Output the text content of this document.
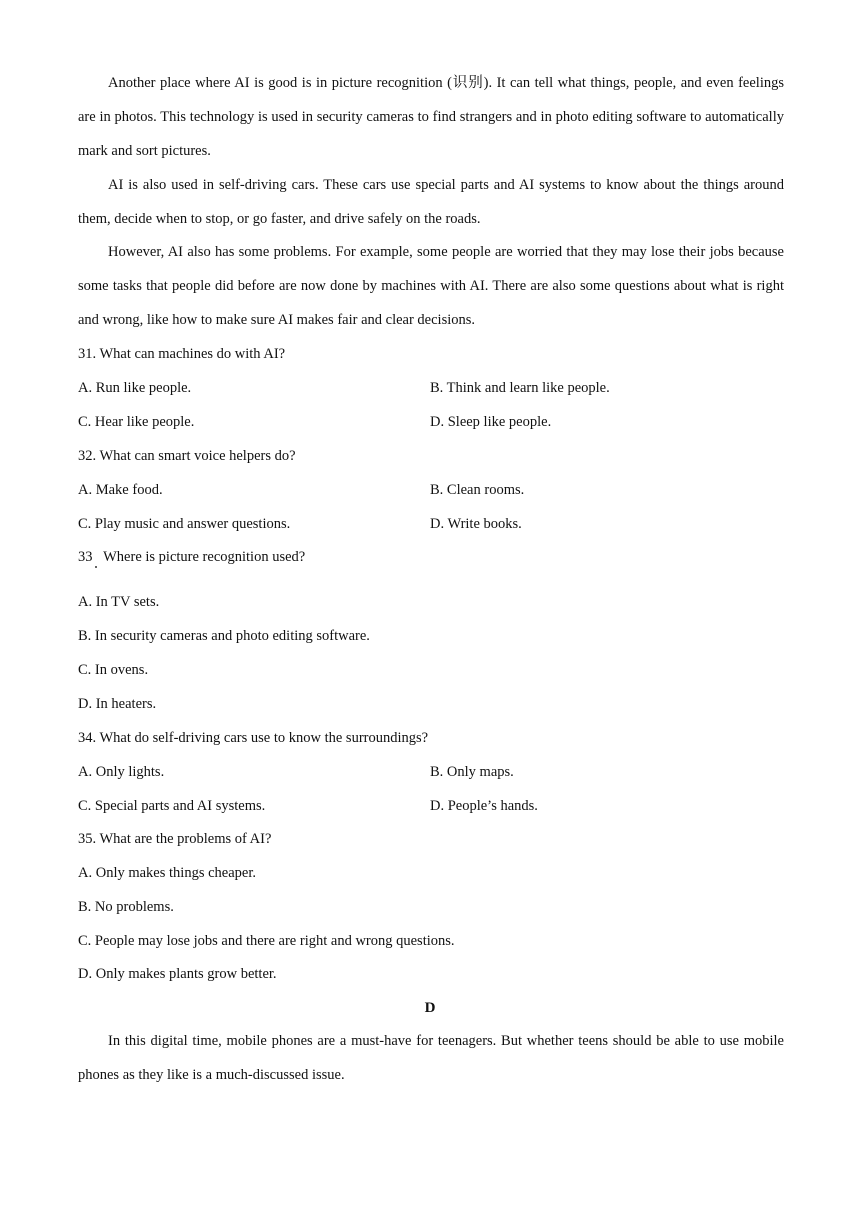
Another place where AI is good is in picture recognition (识别). It can tell what things, people, and even feelings are in photos. This technology is used in security cameras to find strangers and in photo editing software to automatically mark and sort pictures.

AI is also used in self-driving cars. These cars use special parts and AI systems to know about the things around them, decide when to stop, or go faster, and drive safely on the roads.

However, AI also has some problems. For example, some people are worried that they may lose their jobs because some tasks that people did before are now done by machines with AI. There are also some questions about what is right and wrong, like how to make sure AI makes fair and clear decisions.

31. What can machines do with AI?

A. Run like people.	B. Think and learn like people.

C. Hear like people.	D. Sleep like people.

32. What can smart voice helpers do?

A. Make food.	B. Clean rooms.

C. Play music and answer questions.	D. Write books.

33   Where is picture recognition used?

A. In TV sets.

B. In security cameras and photo editing software.

C. In ovens.

D. In heaters.

34. What do self-driving cars use to know the surroundings?

A. Only lights.	B. Only maps.

C. Special parts and AI systems.	D. People’s hands.

35. What are the problems of AI?

A. Only makes things cheaper.

B. No problems.

C. People may lose jobs and there are right and wrong questions.

D. Only makes plants grow better.

D

In this digital time, mobile phones are a must-have for teenagers. But whether teens should be able to use mobile phones as they like is a much-discussed issue.
